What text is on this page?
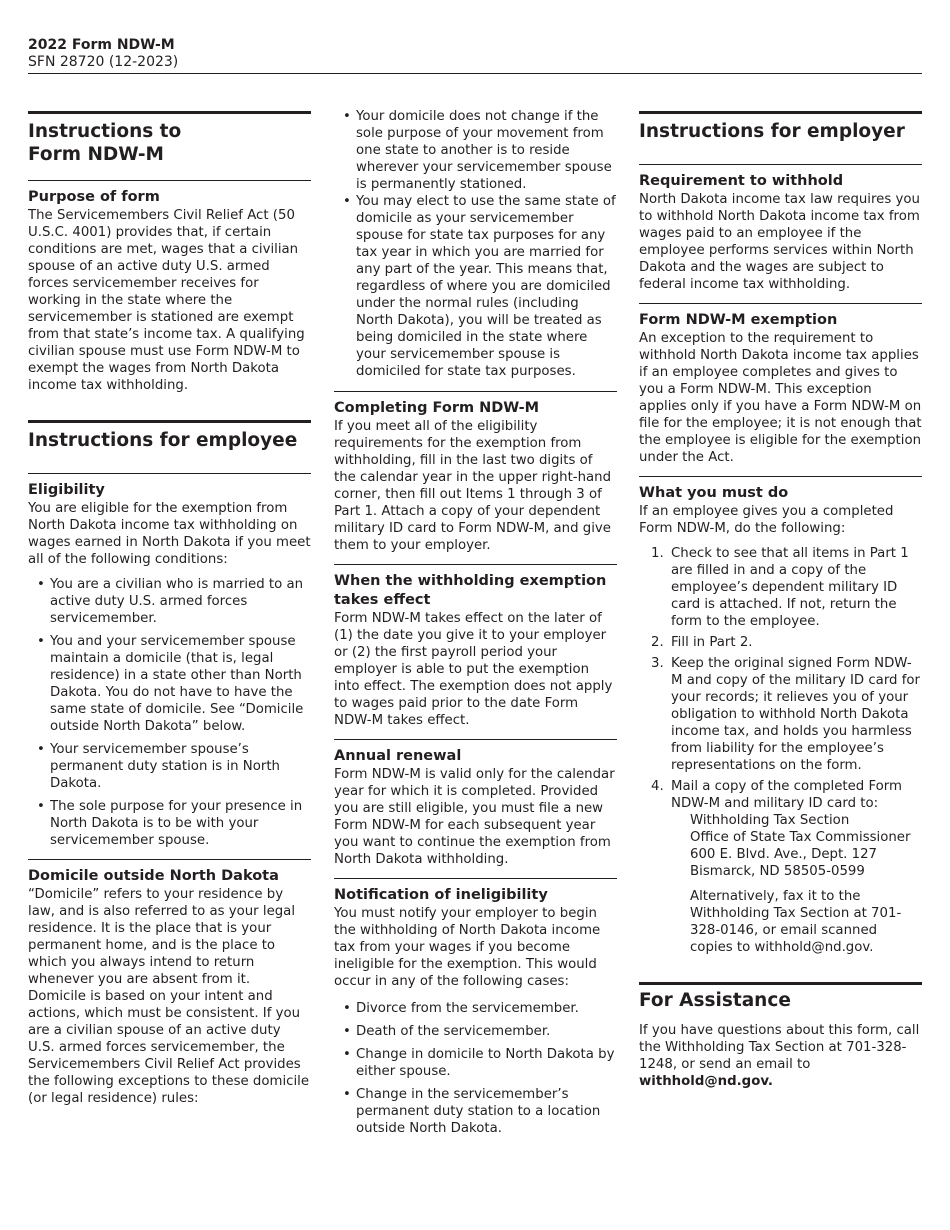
2022 Form NDW-M
SFN 28720 (12-2023)
Instructions to
Form NDW-M
Purpose of form

The Servicemembers Civil Relief Act (50 U.S.C. 4001) provides that, if certain conditions are met, wages that a civilian spouse of an active duty U.S. armed forces servicemember receives for working in the state where the servicemember is stationed are exempt from that state’s income tax. A qualifying civilian spouse must use Form NDW-M to exempt the wages from North Dakota income tax withholding.

Instructions for employee
Eligibility

You are eligible for the exemption from North Dakota income tax withholding on wages earned in North Dakota if you meet all of the following conditions:

• You are a civilian who is married to an active duty U.S. armed forces servicemember.
• You and your servicemember spouse maintain a domicile (that is, legal residence) in a state other than North Dakota. You do not have to have the same state of domicile. See “Domicile outside North Dakota” below.
• Your servicemember spouse’s permanent duty station is in North Dakota.
• The sole purpose for your presence in North Dakota is to be with your servicemember spouse.
Domicile outside North Dakota

“Domicile” refers to your residence by law, and is also referred to as your legal residence. It is the place that is your permanent home, and is the place to which you always intend to return whenever you are absent from it. Domicile is based on your intent and actions, which must be consistent. If you are a civilian spouse of an active duty U.S. armed forces servicemember, the Servicemembers Civil Relief Act provides the following exceptions to these domicile (or legal residence) rules:

• Your domicile does not change if the sole purpose of your movement from one state to another is to reside wherever your servicemember spouse is permanently stationed.
• You may elect to use the same state of domicile as your servicemember spouse for state tax purposes for any tax year in which you are married for any part of the year. This means that, regardless of where you are domiciled under the normal rules (including North Dakota), you will be treated as being domiciled in the state where your servicemember spouse is domiciled for state tax purposes.
Completing Form NDW-M

If you meet all of the eligibility requirements for the exemption from withholding, fill in the last two digits of the calendar year in the upper right-hand corner, then fill out Items 1 through 3 of Part 1. Attach a copy of your dependent military ID card to Form NDW-M, and give them to your employer.

When the withholding exemption takes effect

Form NDW-M takes effect on the later of (1) the date you give it to your employer or (2) the first payroll period your employer is able to put the exemption into effect. The exemption does not apply to wages paid prior to the date Form NDW-M takes effect.

Annual renewal

Form NDW-M is valid only for the calendar year for which it is completed. Provided you are still eligible, you must file a new Form NDW-M for each subsequent year you want to continue the exemption from North Dakota withholding.

Notification of ineligibility

You must notify your employer to begin the withholding of North Dakota income tax from your wages if you become ineligible for the exemption. This would occur in any of the following cases:

• Divorce from the servicemember.
• Death of the servicemember.
• Change in domicile to North Dakota by either spouse.
• Change in the servicemember’s permanent duty station to a location outside North Dakota.
Instructions for employer
Requirement to withhold

North Dakota income tax law requires you to withhold North Dakota income tax from wages paid to an employee if the employee performs services within North Dakota and the wages are subject to federal income tax withholding.

Form NDW-M exemption

An exception to the requirement to withhold North Dakota income tax applies if an employee completes and gives to you a Form NDW-M. This exception applies only if you have a Form NDW-M on file for the employee; it is not enough that the employee is eligible for the exemption under the Act.

What you must do

If an employee gives you a completed Form NDW-M, do the following:

1. Check to see that all items in Part 1 are filled in and a copy of the employee’s dependent military ID card is attached. If not, return the form to the employee.
2. Fill in Part 2.
3. Keep the original signed Form NDW-M and copy of the military ID card for your records; it relieves you of your obligation to withhold North Dakota income tax, and holds you harmless from liability for the employee’s representations on the form.
4. Mail a copy of the completed Form NDW-M and military ID card to:
Withholding Tax Section
Office of State Tax Commissioner
600 E. Blvd. Ave., Dept. 127
Bismarck, ND 58505-0599
Alternatively, fax it to the Withholding Tax Section at 701-328-0146, or email scanned copies to withhold@nd.gov.
For Assistance

If you have questions about this form, call the Withholding Tax Section at 701-328-1248, or send an email to withhold@nd.gov.
